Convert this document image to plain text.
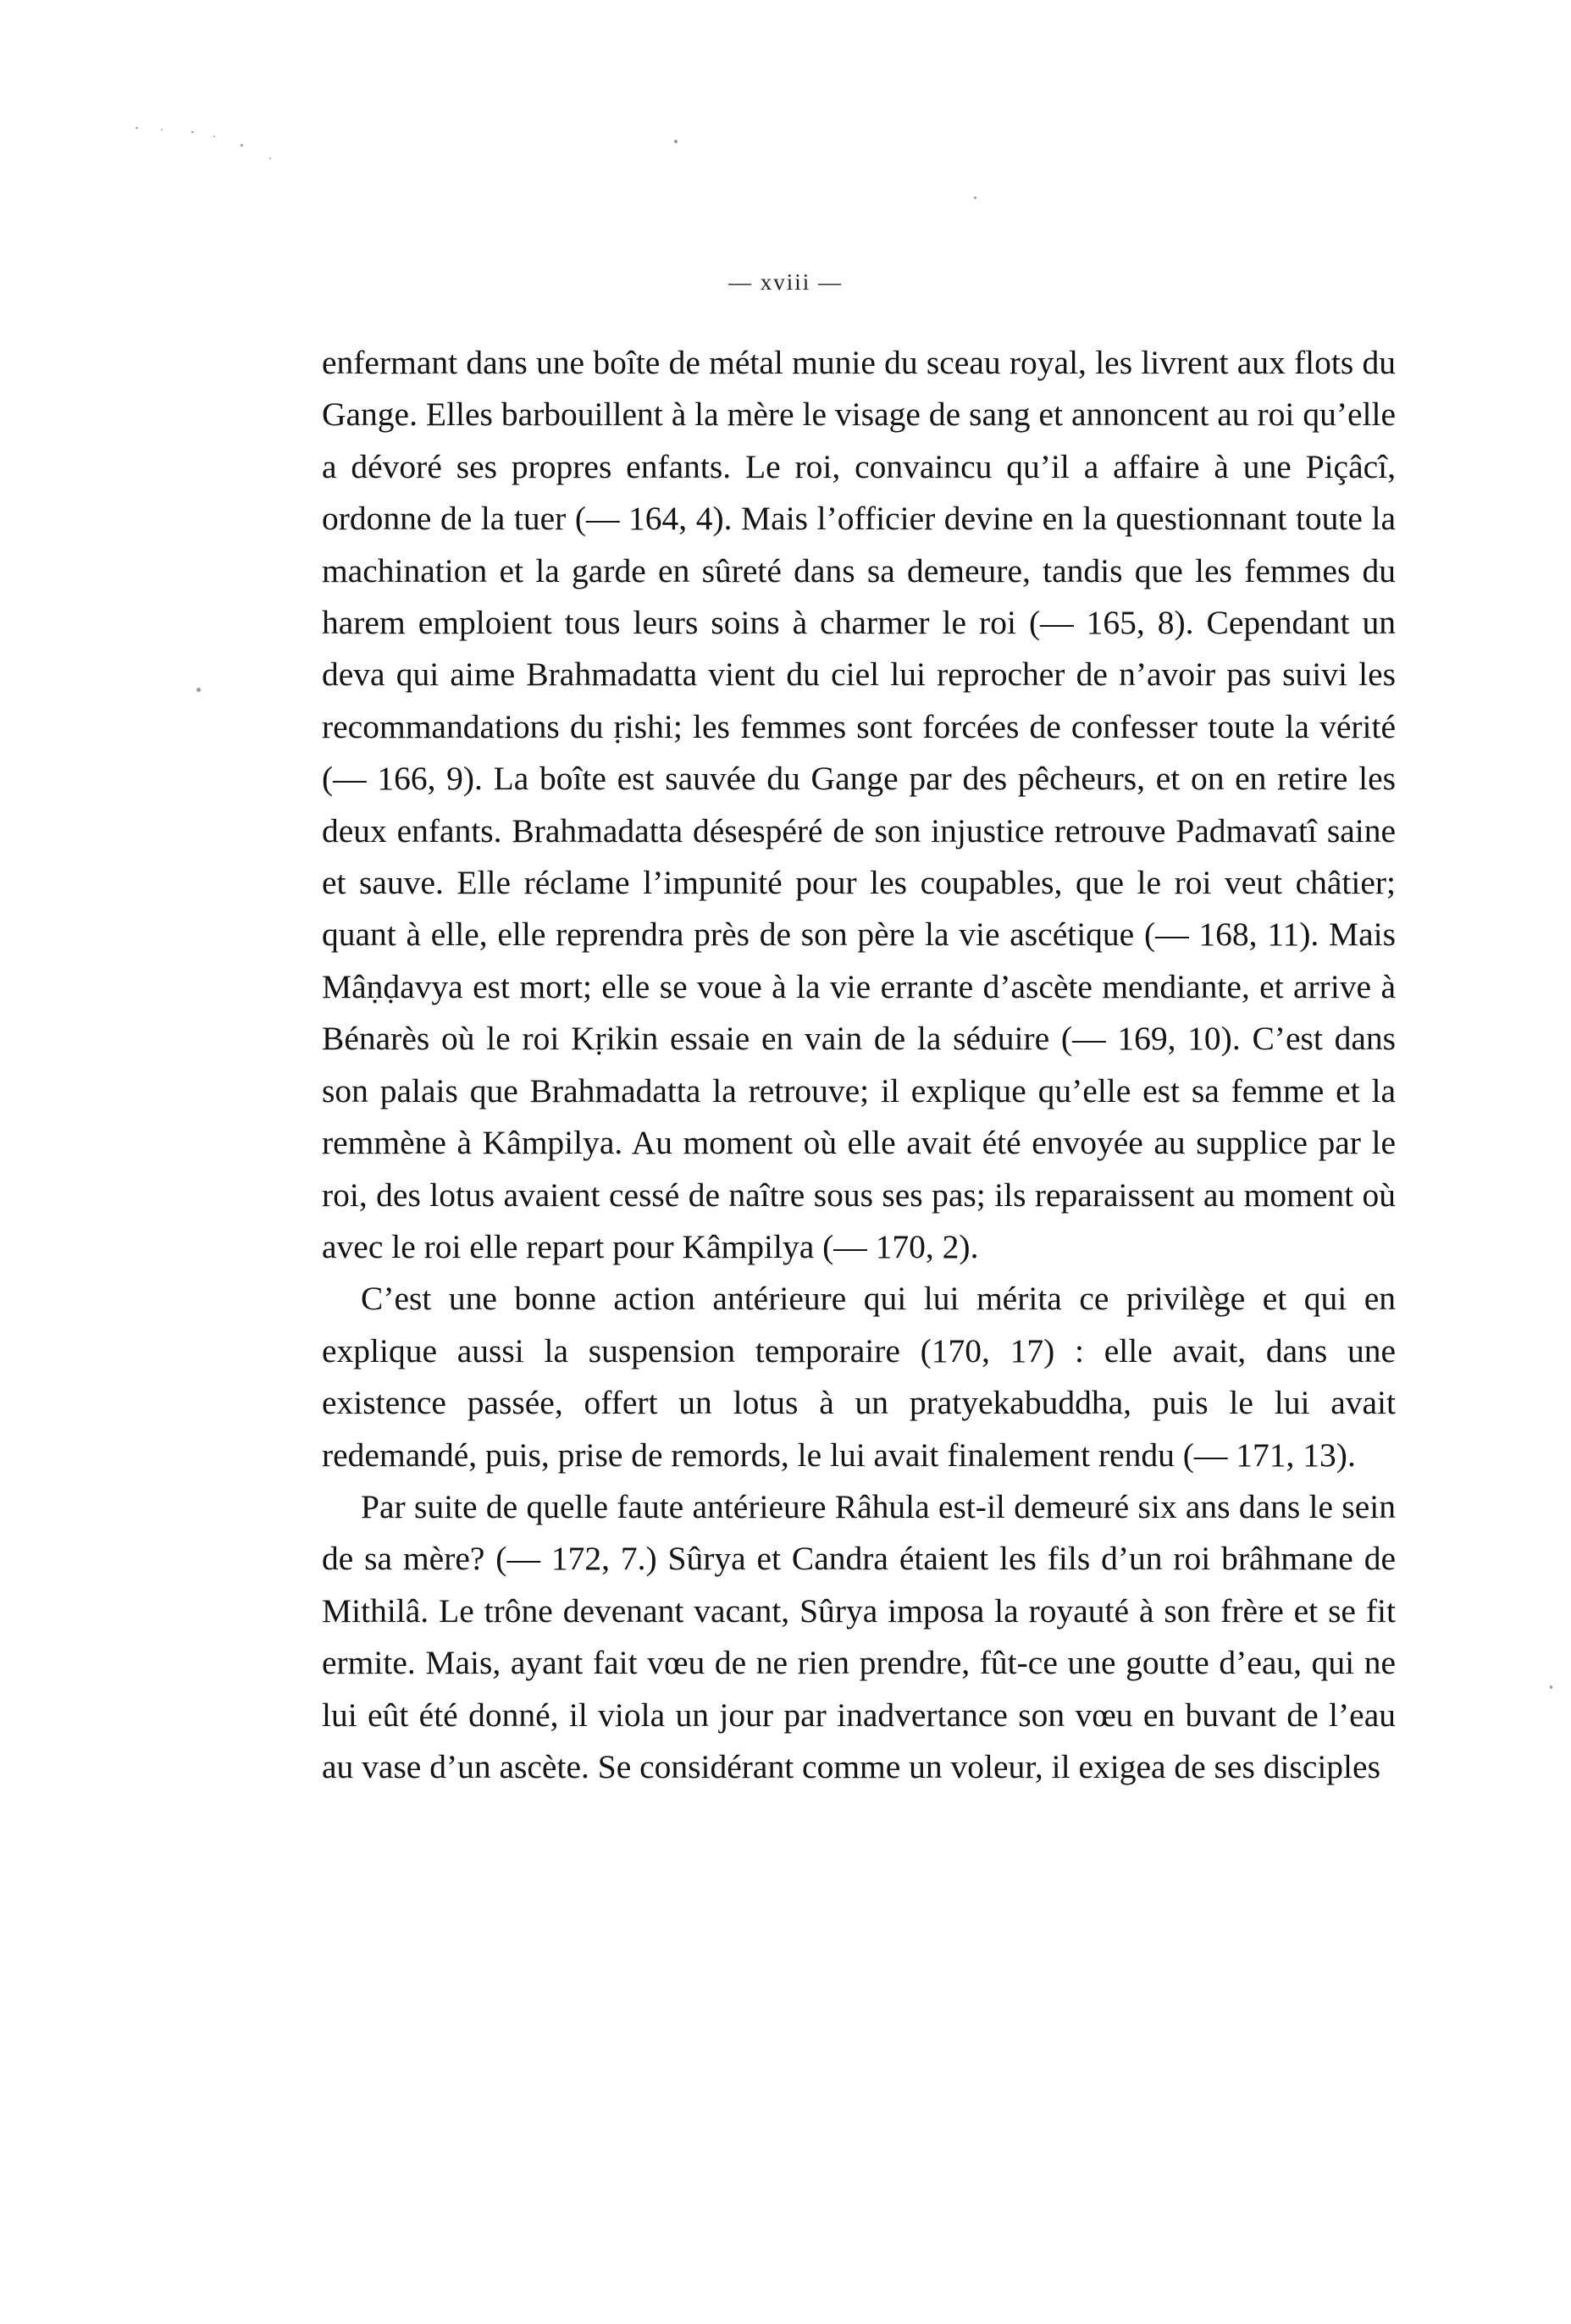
— xviii —

enfermant dans une boîte de métal munie du sceau royal, les livrent aux flots du Gange. Elles barbouillent à la mère le visage de sang et annoncent au roi qu’elle a dévoré ses propres enfants. Le roi, convaincu qu’il a affaire à une Piçâcî, ordonne de la tuer (— 164, 4). Mais l’officier devine en la questionnant toute la machination et la garde en sûreté dans sa demeure, tandis que les femmes du harem emploient tous leurs soins à charmer le roi (— 165, 8). Cependant un deva qui aime Brahmadatta vient du ciel lui reprocher de n’avoir pas suivi les recommandations du ṛishi; les femmes sont forcées de confesser toute la vérité (— 166, 9). La boîte est sauvée du Gange par des pêcheurs, et on en retire les deux enfants. Brahmadatta désespéré de son injustice retrouve Padmavatî saine et sauve. Elle réclame l’impunité pour les coupables, que le roi veut châtier; quant à elle, elle reprendra près de son père la vie ascétique (— 168, 11). Mais Mâṇḍavya est mort; elle se voue à la vie errante d’ascète mendiante, et arrive à Bénarès où le roi Kṛikin essaie en vain de la séduire (— 169, 10). C’est dans son palais que Brahmadatta la retrouve; il explique qu’elle est sa femme et la remmène à Kâmpilya. Au moment où elle avait été envoyée au supplice par le roi, des lotus avaient cessé de naître sous ses pas; ils reparaissent au moment où avec le roi elle repart pour Kâmpilya (— 170, 2).

C’est une bonne action antérieure qui lui mérita ce privilège et qui en explique aussi la suspension temporaire (170, 17) : elle avait, dans une existence passée, offert un lotus à un pratyekabuddha, puis le lui avait redemandé, puis, prise de remords, le lui avait finalement rendu (— 171, 13).

Par suite de quelle faute antérieure Râhula est-il demeuré six ans dans le sein de sa mère? (— 172, 7.) Sûrya et Candra étaient les fils d’un roi brâhmane de Mithilâ. Le trône devenant vacant, Sûrya imposa la royauté à son frère et se fit ermite. Mais, ayant fait vœu de ne rien prendre, fût-ce une goutte d’eau, qui ne lui eût été donné, il viola un jour par inadvertance son vœu en buvant de l’eau au vase d’un ascète. Se considérant comme un voleur, il exigea de ses disciples
